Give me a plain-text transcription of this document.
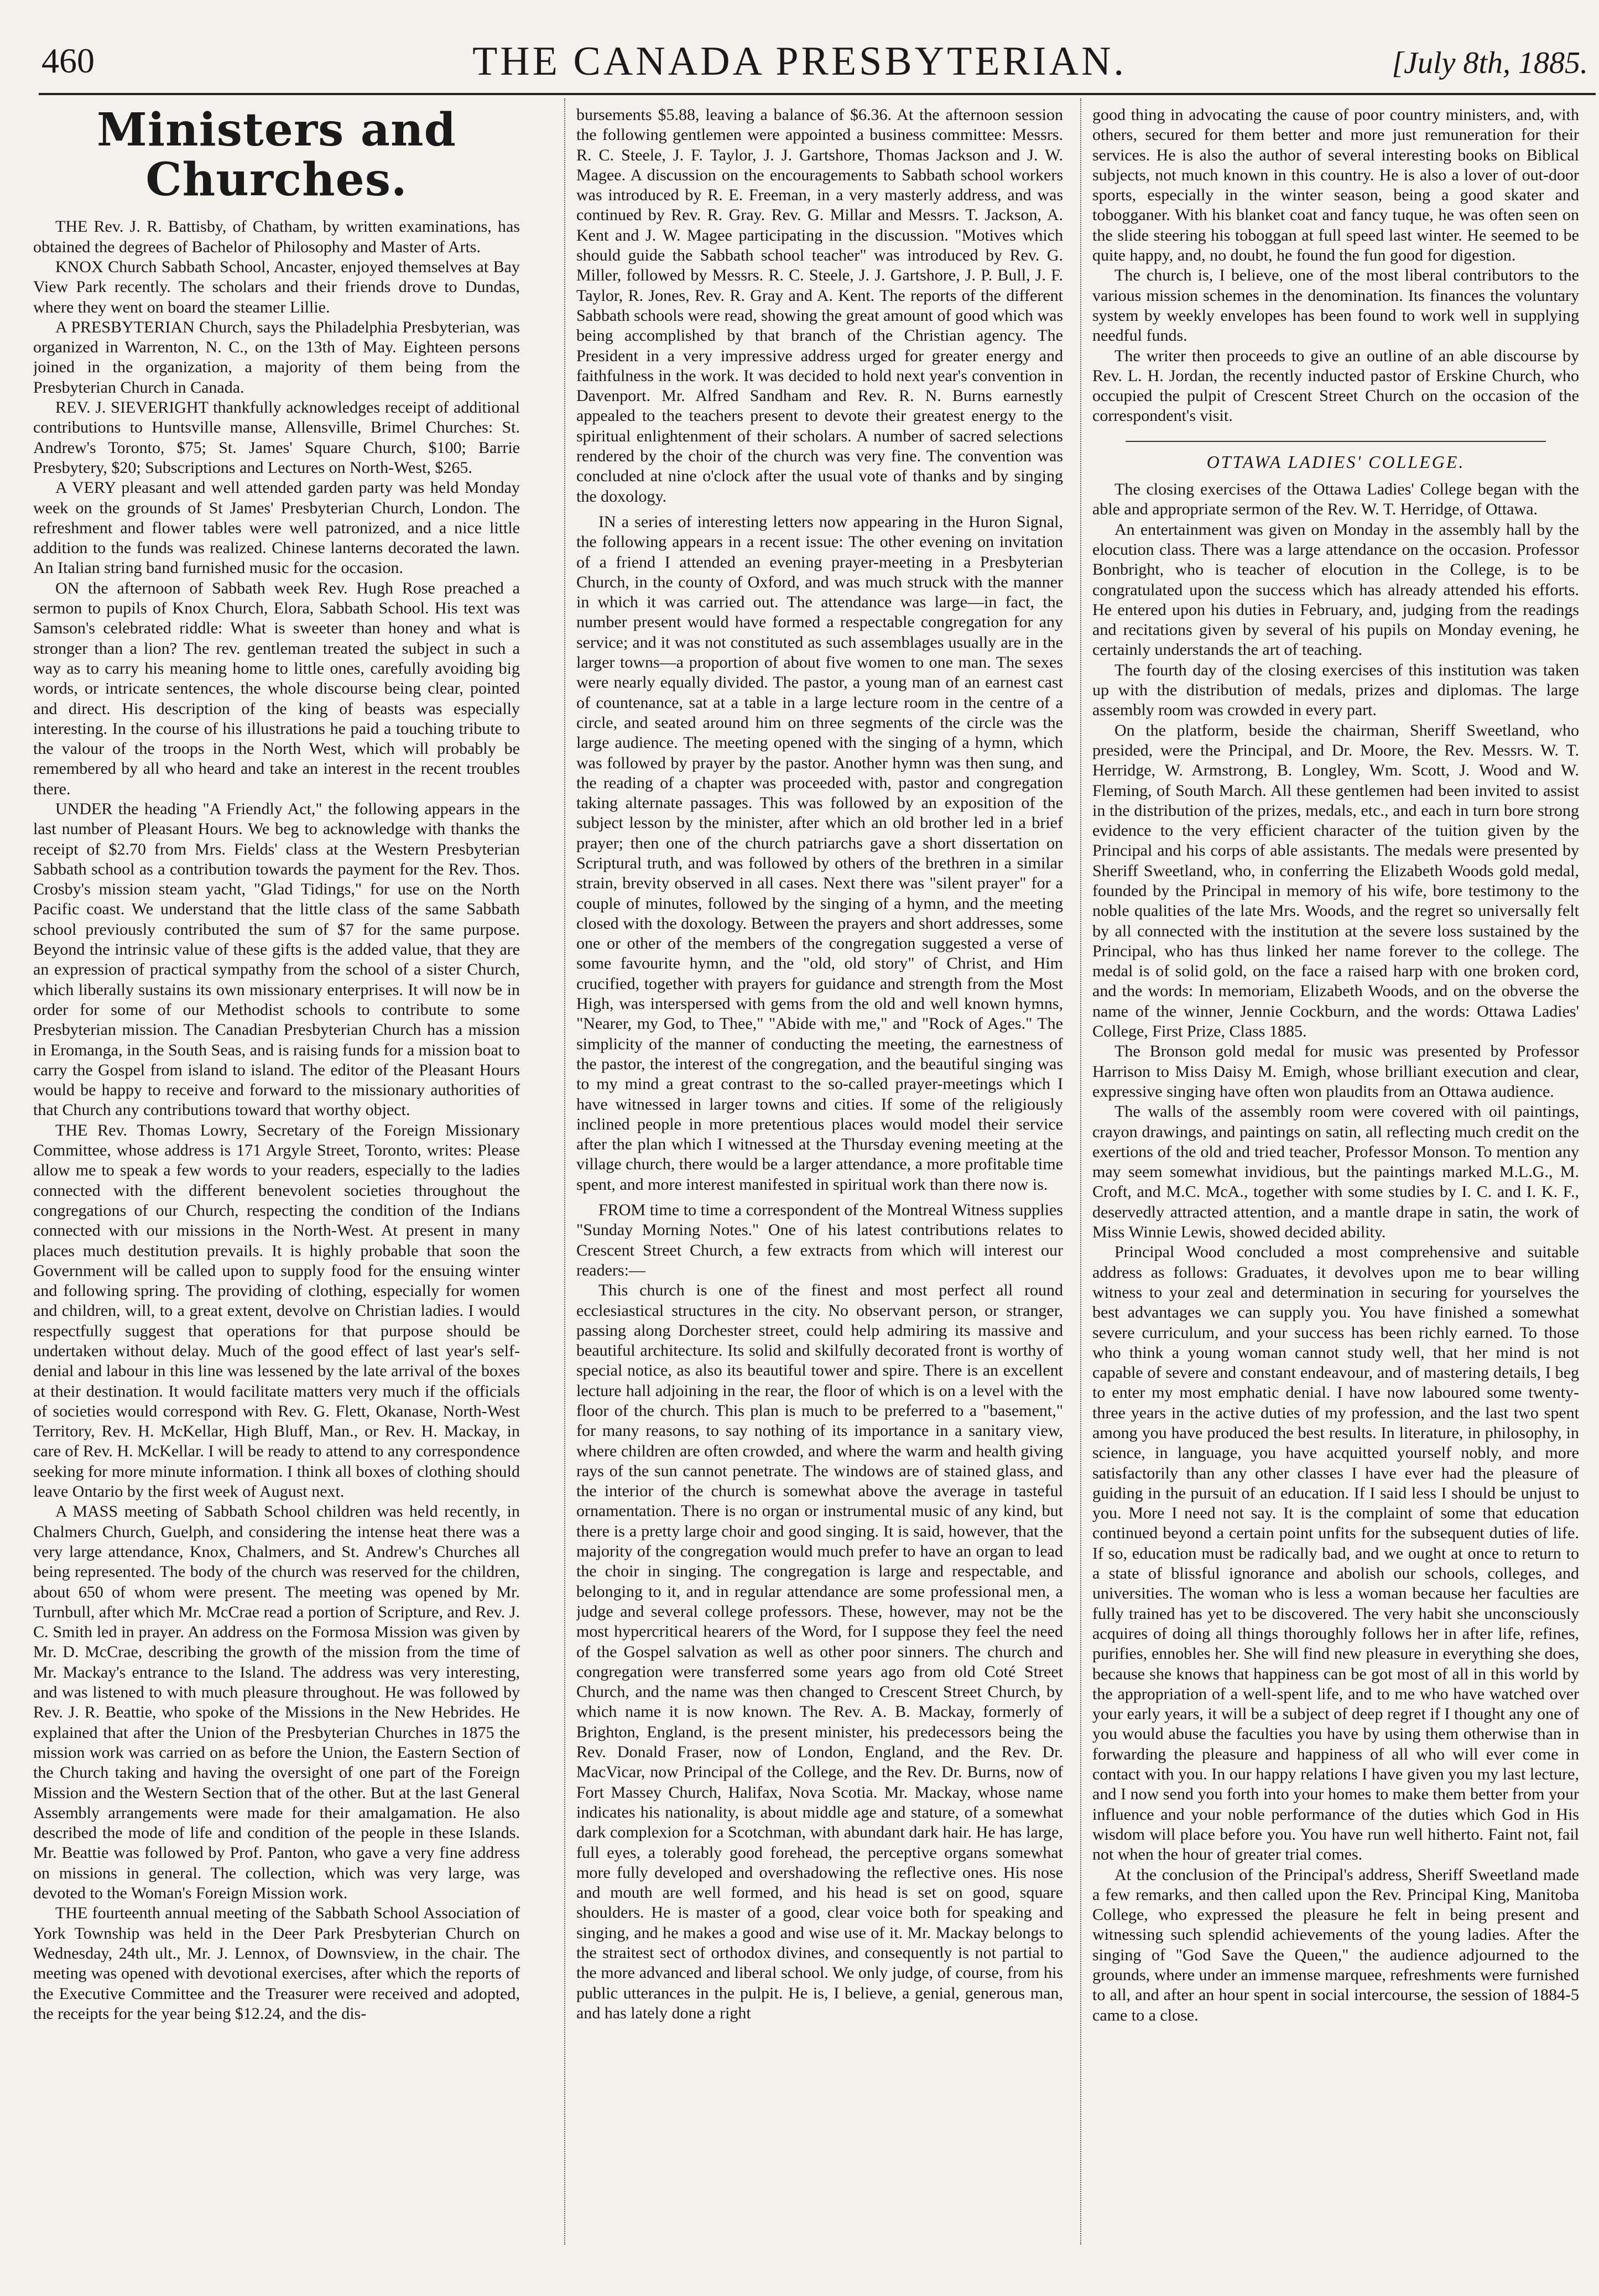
460	THE CANADA PRESBYTERIAN.	[July 8th, 1885.
Ministers and Churches.

THE Rev. J. R. Battisby, of Chatham, by written examinations, has obtained the degrees of Bachelor of Philosophy and Master of Arts.

KNOX Church Sabbath School, Ancaster, enjoyed themselves at Bay View Park recently. The scholars and their friends drove to Dundas, where they went on board the steamer Lillie.

A PRESBYTERIAN Church, says the Philadelphia Presbyterian, was organized in Warrenton, N. C., on the 13th of May. Eighteen persons joined in the organization, a majority of them being from the Presbyterian Church in Canada.

REV. J. SIEVERIGHT thankfully acknowledges receipt of additional contributions to Huntsville manse, Allensville, Brimel Churches: St. Andrew's Toronto, $75; St. James' Square Church, $100; Barrie Presbytery, $20; Subscriptions and Lectures on North-West, $265.

A VERY pleasant and well attended garden party was held Monday week on the grounds of St James' Presbyterian Church, London. The refreshment and flower tables were well patronized, and a nice little addition to the funds was realized. Chinese lanterns decorated the lawn. An Italian string band furnished music for the occasion.

ON the afternoon of Sabbath week Rev. Hugh Rose preached a sermon to pupils of Knox Church, Elora, Sabbath School. His text was Samson's celebrated riddle: What is sweeter than honey and what is stronger than a lion? The rev. gentleman treated the subject in such a way as to carry his meaning home to little ones, carefully avoiding big words, or intricate sentences, the whole discourse being clear, pointed and direct. His description of the king of beasts was especially interesting. In the course of his illustrations he paid a touching tribute to the valour of the troops in the North West, which will probably be remembered by all who heard and take an interest in the recent troubles there.

UNDER the heading "A Friendly Act," the following appears in the last number of Pleasant Hours. We beg to acknowledge with thanks the receipt of $2.70 from Mrs. Fields' class at the Western Presbyterian Sabbath school as a contribution towards the payment for the Rev. Thos. Crosby's mission steam yacht, "Glad Tidings," for use on the North Pacific coast. We understand that the little class of the same Sabbath school previously contributed the sum of $7 for the same purpose. Beyond the intrinsic value of these gifts is the added value, that they are an expression of practical sympathy from the school of a sister Church, which liberally sustains its own missionary enterprises. It will now be in order for some of our Methodist schools to contribute to some Presbyterian mission. The Canadian Presbyterian Church has a mission in Eromanga, in the South Seas, and is raising funds for a mission boat to carry the Gospel from island to island. The editor of the Pleasant Hours would be happy to receive and forward to the missionary authorities of that Church any contributions toward that worthy object.

THE Rev. Thomas Lowry, Secretary of the Foreign Missionary Committee, whose address is 171 Argyle Street, Toronto, writes: Please allow me to speak a few words to your readers, especially to the ladies connected with the different benevolent societies throughout the congregations of our Church, respecting the condition of the Indians connected with our missions in the North-West. At present in many places much destitution prevails. It is highly probable that soon the Government will be called upon to supply food for the ensuing winter and following spring. The providing of clothing, especially for women and children, will, to a great extent, devolve on Christian ladies. I would respectfully suggest that operations for that purpose should be undertaken without delay. Much of the good effect of last year's self-denial and labour in this line was lessened by the late arrival of the boxes at their destination. It would facilitate matters very much if the officials of societies would correspond with Rev. G. Flett, Okanase, North-West Territory, Rev. H. McKellar, High Bluff, Man., or Rev. H. Mackay, in care of Rev. H. McKellar. I will be ready to attend to any correspondence seeking for more minute information. I think all boxes of clothing should leave Ontario by the first week of August next.

A MASS meeting of Sabbath School children was held recently, in Chalmers Church, Guelph, and considering the intense heat there was a very large attendance, Knox, Chalmers, and St. Andrew's Churches all being represented. The body of the church was reserved for the children, about 650 of whom were present. The meeting was opened by Mr. Turnbull, after which Mr. McCrae read a portion of Scripture, and Rev. J. C. Smith led in prayer. An address on the Formosa Mission was given by Mr. D. McCrae, describing the growth of the mission from the time of Mr. Mackay's entrance to the Island. The address was very interesting, and was listened to with much pleasure throughout. He was followed by Rev. J. R. Beattie, who spoke of the Missions in the New Hebrides. He explained that after the Union of the Presbyterian Churches in 1875 the mission work was carried on as before the Union, the Eastern Section of the Church taking and having the oversight of one part of the Foreign Mission and the Western Section that of the other. But at the last General Assembly arrangements were made for their amalgamation. He also described the mode of life and condition of the people in these Islands. Mr. Beattie was followed by Prof. Panton, who gave a very fine address on missions in general. The collection, which was very large, was devoted to the Woman's Foreign Mission work.

THE fourteenth annual meeting of the Sabbath School Association of York Township was held in the Deer Park Presbyterian Church on Wednesday, 24th ult., Mr. J. Lennox, of Downsview, in the chair. The meeting was opened with devotional exercises, after which the reports of the Executive Committee and the Treasurer were received and adopted, the receipts for the year being $12.24, and the dis-

bursements $5.88, leaving a balance of $6.36. At the afternoon session the following gentlemen were appointed a business committee: Messrs. R. C. Steele, J. F. Taylor, J. J. Gartshore, Thomas Jackson and J. W. Magee. A discussion on the encouragements to Sabbath school workers was introduced by R. E. Freeman, in a very masterly address, and was continued by Rev. R. Gray. Rev. G. Millar and Messrs. T. Jackson, A. Kent and J. W. Magee participating in the discussion. "Motives which should guide the Sabbath school teacher" was introduced by Rev. G. Miller, followed by Messrs. R. C. Steele, J. J. Gartshore, J. P. Bull, J. F. Taylor, R. Jones, Rev. R. Gray and A. Kent. The reports of the different Sabbath schools were read, showing the great amount of good which was being accomplished by that branch of the Christian agency. The President in a very impressive address urged for greater energy and faithfulness in the work. It was decided to hold next year's convention in Davenport. Mr. Alfred Sandham and Rev. R. N. Burns earnestly appealed to the teachers present to devote their greatest energy to the spiritual enlightenment of their scholars. A number of sacred selections rendered by the choir of the church was very fine. The convention was concluded at nine o'clock after the usual vote of thanks and by singing the doxology.

IN a series of interesting letters now appearing in the Huron Signal, the following appears in a recent issue: The other evening on invitation of a friend I attended an evening prayer-meeting in a Presbyterian Church, in the county of Oxford, and was much struck with the manner in which it was carried out. The attendance was large—in fact, the number present would have formed a respectable congregation for any service; and it was not constituted as such assemblages usually are in the larger towns—a proportion of about five women to one man. The sexes were nearly equally divided. The pastor, a young man of an earnest cast of countenance, sat at a table in a large lecture room in the centre of a circle, and seated around him on three segments of the circle was the large audience. The meeting opened with the singing of a hymn, which was followed by prayer by the pastor. Another hymn was then sung, and the reading of a chapter was proceeded with, pastor and congregation taking alternate passages. This was followed by an exposition of the subject lesson by the minister, after which an old brother led in a brief prayer; then one of the church patriarchs gave a short dissertation on Scriptural truth, and was followed by others of the brethren in a similar strain, brevity observed in all cases. Next there was "silent prayer" for a couple of minutes, followed by the singing of a hymn, and the meeting closed with the doxology. Between the prayers and short addresses, some one or other of the members of the congregation suggested a verse of some favourite hymn, and the "old, old story" of Christ, and Him crucified, together with prayers for guidance and strength from the Most High, was interspersed with gems from the old and well known hymns, "Nearer, my God, to Thee," "Abide with me," and "Rock of Ages." The simplicity of the manner of conducting the meeting, the earnestness of the pastor, the interest of the congregation, and the beautiful singing was to my mind a great contrast to the so-called prayer-meetings which I have witnessed in larger towns and cities. If some of the religiously inclined people in more pretentious places would model their service after the plan which I witnessed at the Thursday evening meeting at the village church, there would be a larger attendance, a more profitable time spent, and more interest manifested in spiritual work than there now is.

FROM time to time a correspondent of the Montreal Witness supplies "Sunday Morning Notes." One of his latest contributions relates to Crescent Street Church, a few extracts from which will interest our readers:—

This church is one of the finest and most perfect all round ecclesiastical structures in the city. No observant person, or stranger, passing along Dorchester street, could help admiring its massive and beautiful architecture. Its solid and skilfully decorated front is worthy of special notice, as also its beautiful tower and spire. There is an excellent lecture hall adjoining in the rear, the floor of which is on a level with the floor of the church. This plan is much to be preferred to a "basement," for many reasons, to say nothing of its importance in a sanitary view, where children are often crowded, and where the warm and health giving rays of the sun cannot penetrate. The windows are of stained glass, and the interior of the church is somewhat above the average in tasteful ornamentation. There is no organ or instrumental music of any kind, but there is a pretty large choir and good singing. It is said, however, that the majority of the congregation would much prefer to have an organ to lead the choir in singing. The congregation is large and respectable, and belonging to it, and in regular attendance are some professional men, a judge and several college professors. These, however, may not be the most hypercritical hearers of the Word, for I suppose they feel the need of the Gospel salvation as well as other poor sinners. The church and congregation were transferred some years ago from old Coté Street Church, and the name was then changed to Crescent Street Church, by which name it is now known. The Rev. A. B. Mackay, formerly of Brighton, England, is the present minister, his predecessors being the Rev. Donald Fraser, now of London, England, and the Rev. Dr. MacVicar, now Principal of the College, and the Rev. Dr. Burns, now of Fort Massey Church, Halifax, Nova Scotia. Mr. Mackay, whose name indicates his nationality, is about middle age and stature, of a somewhat dark complexion for a Scotchman, with abundant dark hair. He has large, full eyes, a tolerably good forehead, the perceptive organs somewhat more fully developed and overshadowing the reflective ones. His nose and mouth are well formed, and his head is set on good, square shoulders. He is master of a good, clear voice both for speaking and singing, and he makes a good and wise use of it. Mr. Mackay belongs to the straitest sect of orthodox divines, and consequently is not partial to the more advanced and liberal school. We only judge, of course, from his public utterances in the pulpit. He is, I believe, a genial, generous man, and has lately done a right

good thing in advocating the cause of poor country ministers, and, with others, secured for them better and more just remuneration for their services. He is also the author of several interesting books on Biblical subjects, not much known in this country. He is also a lover of out-door sports, especially in the winter season, being a good skater and tobogganer. With his blanket coat and fancy tuque, he was often seen on the slide steering his toboggan at full speed last winter. He seemed to be quite happy, and, no doubt, he found the fun good for digestion.

The church is, I believe, one of the most liberal contributors to the various mission schemes in the denomination. Its finances the voluntary system by weekly envelopes has been found to work well in supplying needful funds.

The writer then proceeds to give an outline of an able discourse by Rev. L. H. Jordan, the recently inducted pastor of Erskine Church, who occupied the pulpit of Crescent Street Church on the occasion of the correspondent's visit.

OTTAWA LADIES' COLLEGE.

The closing exercises of the Ottawa Ladies' College began with the able and appropriate sermon of the Rev. W. T. Herridge, of Ottawa.

An entertainment was given on Monday in the assembly hall by the elocution class. There was a large attendance on the occasion. Professor Bonbright, who is teacher of elocution in the College, is to be congratulated upon the success which has already attended his efforts. He entered upon his duties in February, and, judging from the readings and recitations given by several of his pupils on Monday evening, he certainly understands the art of teaching.

The fourth day of the closing exercises of this institution was taken up with the distribution of medals, prizes and diplomas. The large assembly room was crowded in every part.

On the platform, beside the chairman, Sheriff Sweetland, who presided, were the Principal, and Dr. Moore, the Rev. Messrs. W. T. Herridge, W. Armstrong, B. Longley, Wm. Scott, J. Wood and W. Fleming, of South March. All these gentlemen had been invited to assist in the distribution of the prizes, medals, etc., and each in turn bore strong evidence to the very efficient character of the tuition given by the Principal and his corps of able assistants. The medals were presented by Sheriff Sweetland, who, in conferring the Elizabeth Woods gold medal, founded by the Principal in memory of his wife, bore testimony to the noble qualities of the late Mrs. Woods, and the regret so universally felt by all connected with the institution at the severe loss sustained by the Principal, who has thus linked her name forever to the college. The medal is of solid gold, on the face a raised harp with one broken cord, and the words: In memoriam, Elizabeth Woods, and on the obverse the name of the winner, Jennie Cockburn, and the words: Ottawa Ladies' College, First Prize, Class 1885.

The Bronson gold medal for music was presented by Professor Harrison to Miss Daisy M. Emigh, whose brilliant execution and clear, expressive singing have often won plaudits from an Ottawa audience.

The walls of the assembly room were covered with oil paintings, crayon drawings, and paintings on satin, all reflecting much credit on the exertions of the old and tried teacher, Professor Monson. To mention any may seem somewhat invidious, but the paintings marked M.L.G., M. Croft, and M.C. McA., together with some studies by I. C. and I. K. F., deservedly attracted attention, and a mantle drape in satin, the work of Miss Winnie Lewis, showed decided ability.

Principal Wood concluded a most comprehensive and suitable address as follows: Graduates, it devolves upon me to bear willing witness to your zeal and determination in securing for yourselves the best advantages we can supply you. You have finished a somewhat severe curriculum, and your success has been richly earned. To those who think a young woman cannot study well, that her mind is not capable of severe and constant endeavour, and of mastering details, I beg to enter my most emphatic denial. I have now laboured some twenty-three years in the active duties of my profession, and the last two spent among you have produced the best results. In literature, in philosophy, in science, in language, you have acquitted yourself nobly, and more satisfactorily than any other classes I have ever had the pleasure of guiding in the pursuit of an education. If I said less I should be unjust to you. More I need not say. It is the complaint of some that education continued beyond a certain point unfits for the subsequent duties of life. If so, education must be radically bad, and we ought at once to return to a state of blissful ignorance and abolish our schools, colleges, and universities. The woman who is less a woman because her faculties are fully trained has yet to be discovered. The very habit she unconsciously acquires of doing all things thoroughly follows her in after life, refines, purifies, ennobles her. She will find new pleasure in everything she does, because she knows that happiness can be got most of all in this world by the appropriation of a well-spent life, and to me who have watched over your early years, it will be a subject of deep regret if I thought any one of you would abuse the faculties you have by using them otherwise than in forwarding the pleasure and happiness of all who will ever come in contact with you. In our happy relations I have given you my last lecture, and I now send you forth into your homes to make them better from your influence and your noble performance of the duties which God in His wisdom will place before you. You have run well hitherto. Faint not, fail not when the hour of greater trial comes.

At the conclusion of the Principal's address, Sheriff Sweetland made a few remarks, and then called upon the Rev. Principal King, Manitoba College, who expressed the pleasure he felt in being present and witnessing such splendid achievements of the young ladies. After the singing of "God Save the Queen," the audience adjourned to the grounds, where under an immense marquee, refreshments were furnished to all, and after an hour spent in social intercourse, the session of 1884-5 came to a close.
